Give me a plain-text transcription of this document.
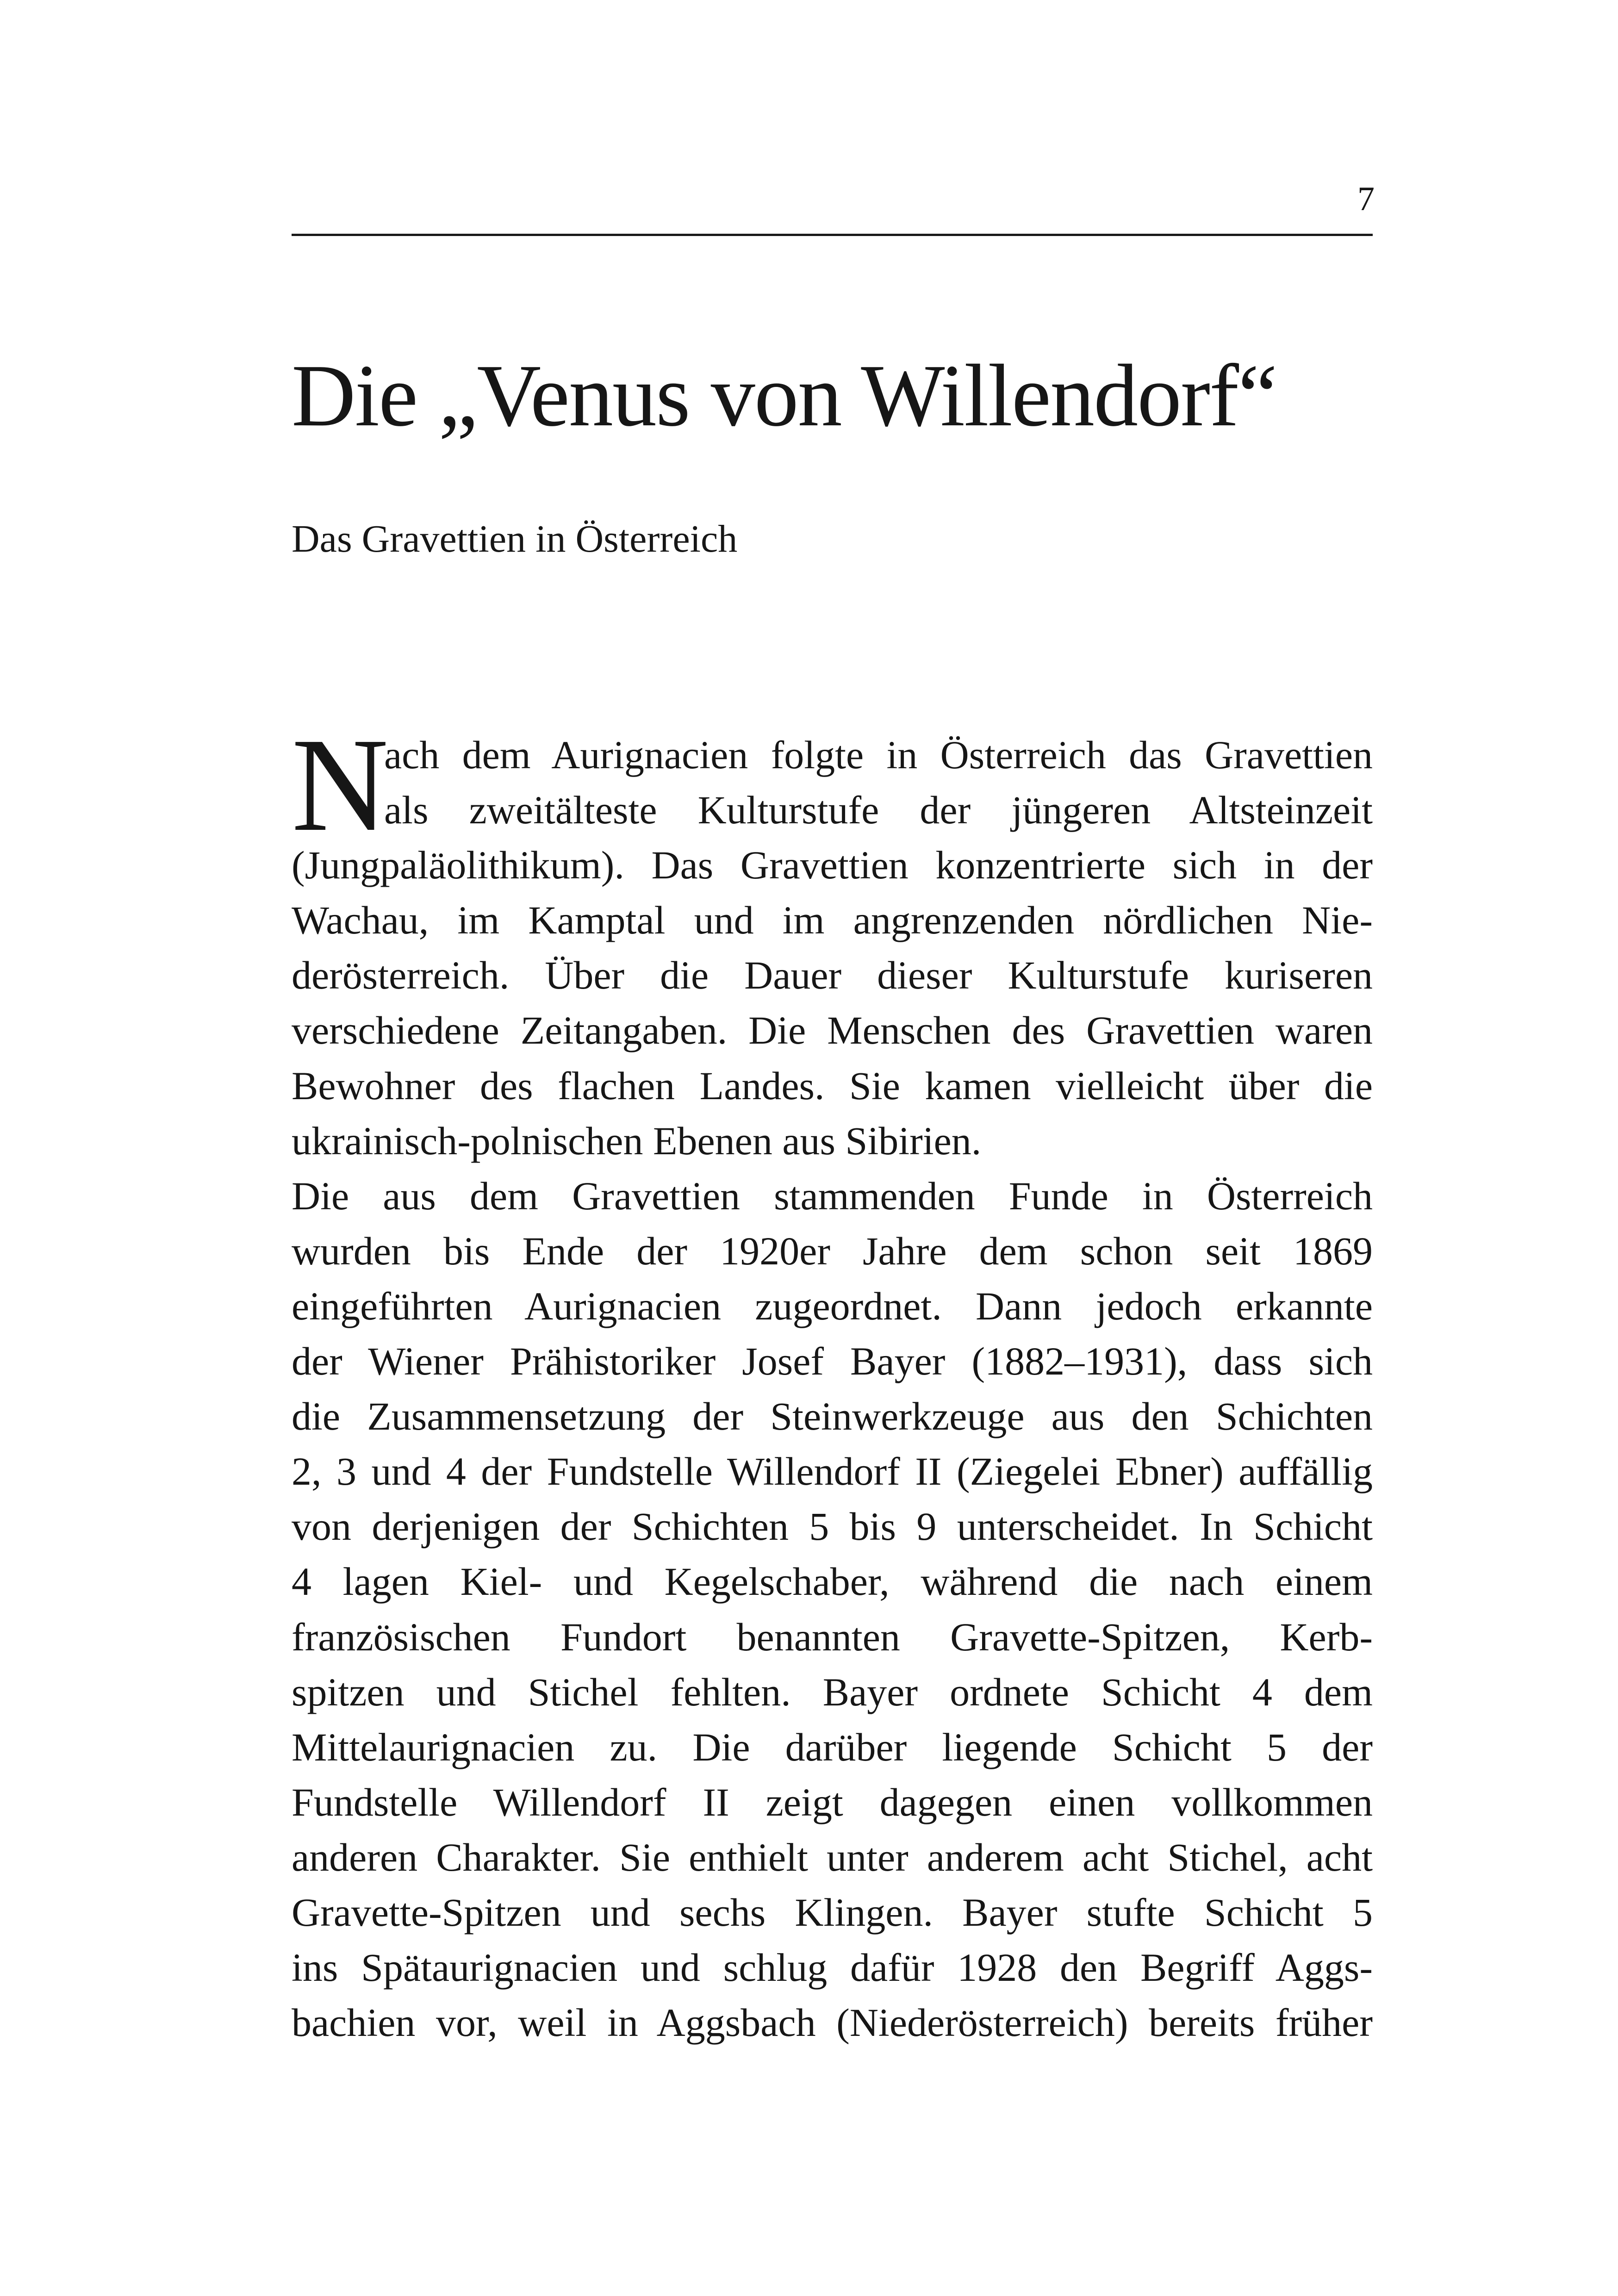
7
Die „Venus von Willendorf“
Das Gravettien in Österreich
N
ach dem Aurignacien folgte in Österreich das Gravettien
als zweitälteste Kulturstufe der jüngeren Altsteinzeit
(Jungpaläolithikum). Das Gravettien konzentrierte sich in der
Wachau, im Kamptal und im angrenzenden nördlichen Nie-
derösterreich. Über die Dauer dieser Kulturstufe kuriseren
verschiedene Zeitangaben. Die Menschen des Gravettien waren
Bewohner des flachen Landes. Sie kamen vielleicht über die
ukrainisch-polnischen Ebenen aus Sibirien.
Die aus dem Gravettien stammenden Funde in Österreich
wurden bis Ende der 1920er Jahre dem schon seit 1869
eingeführten Aurignacien zugeordnet. Dann jedoch erkannte
der Wiener Prähistoriker Josef Bayer (1882–1931), dass sich
die Zusammensetzung der Steinwerkzeuge aus den Schichten
2, 3 und 4 der Fundstelle Willendorf II (Ziegelei Ebner) auffällig
von derjenigen der Schichten 5 bis 9 unterscheidet. In Schicht
4 lagen Kiel- und Kegelschaber, während die nach einem
französischen Fundort benannten Gravette-Spitzen, Kerb-
spitzen und Stichel fehlten. Bayer ordnete Schicht 4 dem
Mittelaurignacien zu. Die darüber liegende Schicht 5 der
Fundstelle Willendorf II zeigt dagegen einen vollkommen
anderen Charakter. Sie enthielt unter anderem acht Stichel, acht
Gravette-Spitzen und sechs Klingen. Bayer stufte Schicht 5
ins Spätaurignacien und schlug dafür 1928 den Begriff Aggs-
bachien vor, weil in Aggsbach (Niederösterreich) bereits früher
